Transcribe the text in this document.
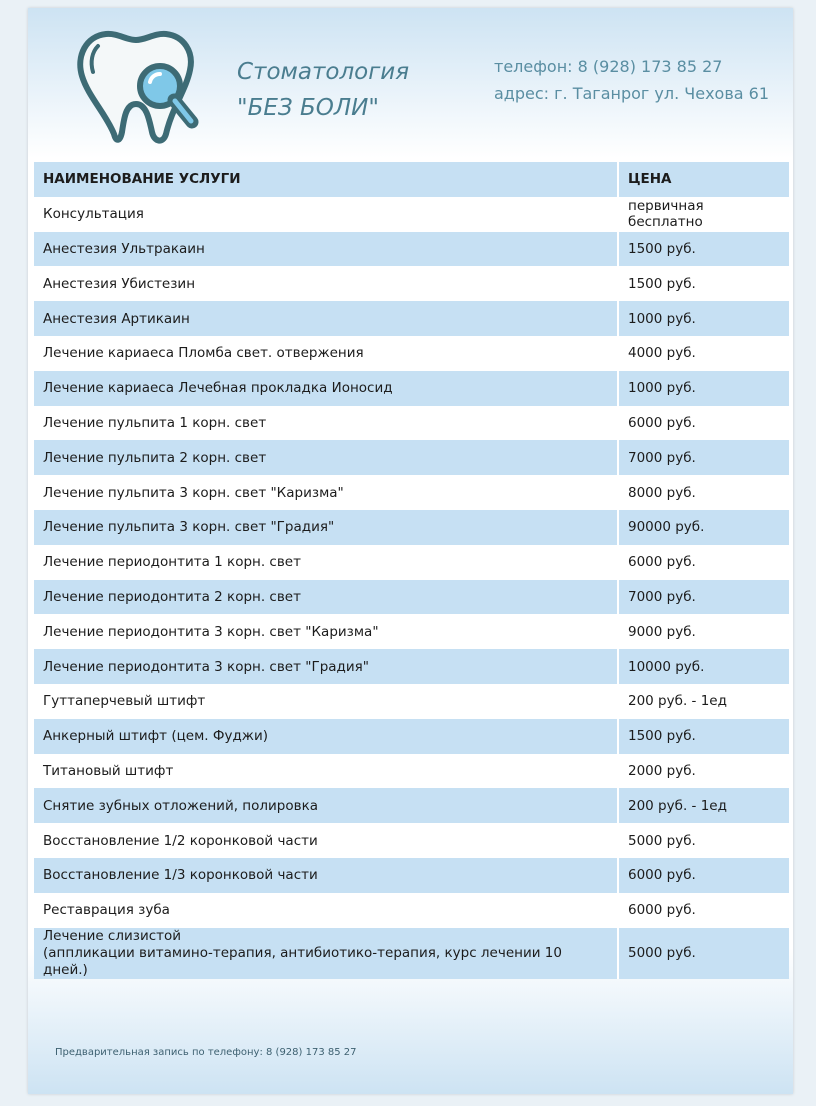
Стоматология
"БЕЗ БОЛИ"
телефон: 8 (928) 173 85 27
адрес: г. Таганрог ул. Чехова 61
НАИМЕНОВАНИЕ УСЛУГИ	ЦЕНА
Консультация	первичная бесплатно
Анестезия Ультракаин	1500 руб.
Анестезия Убистезин	1500 руб.
Анестезия Артикаин	1000 руб.
Лечение кариаеса Пломба свет. отвержения	4000 руб.
Лечение кариаеса Лечебная прокладка Ионосид	1000 руб.
Лечение пульпита 1 корн. свет	6000 руб.
Лечение пульпита 2 корн. свет	7000 руб.
Лечение пульпита 3 корн. свет "Каризма"	8000 руб.
Лечение пульпита 3 корн. свет "Градия"	90000 руб.
Лечение периодонтита 1 корн. свет	6000 руб.
Лечение периодонтита 2 корн. свет	7000 руб.
Лечение периодонтита 3 корн. свет "Каризма"	9000 руб.
Лечение периодонтита 3 корн. свет "Градия"	10000 руб.
Гуттаперчевый штифт	200 руб. - 1ед
Анкерный штифт (цем. Фуджи)	1500 руб.
Титановый штифт	2000 руб.
Снятие зубных отложений, полировка	200 руб. - 1ед
Восстановление 1/2 коронковой части	5000 руб.
Восстановление 1/3 коронковой части	6000 руб.
Реставрация зуба	6000 руб.
Лечение слизистой
(аппликации витамино-терапия, антибиотико-терапия, курс лечении 10 дней.)	5000 руб.
Предварительная запись по телефону: 8 (928) 173 85 27
